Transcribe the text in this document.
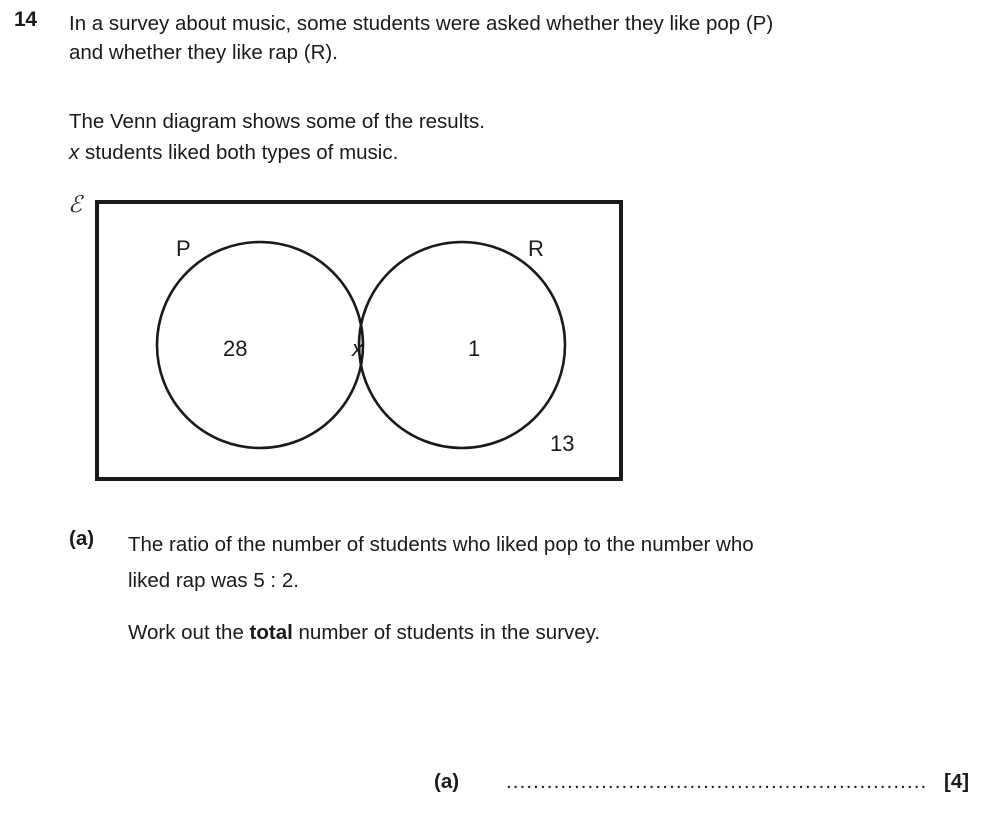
14 In a survey about music, some students were asked whether they like pop (P)
and whether they like rap (R).
The Venn diagram shows some of the results.
x students liked both types of music.
ℰ
P	R
28	x	1
13
(a) The ratio of the number of students who liked pop to the number who
liked rap was 5 : 2.
Work out the total number of students in the survey.
(a) .............................................................. [4]
